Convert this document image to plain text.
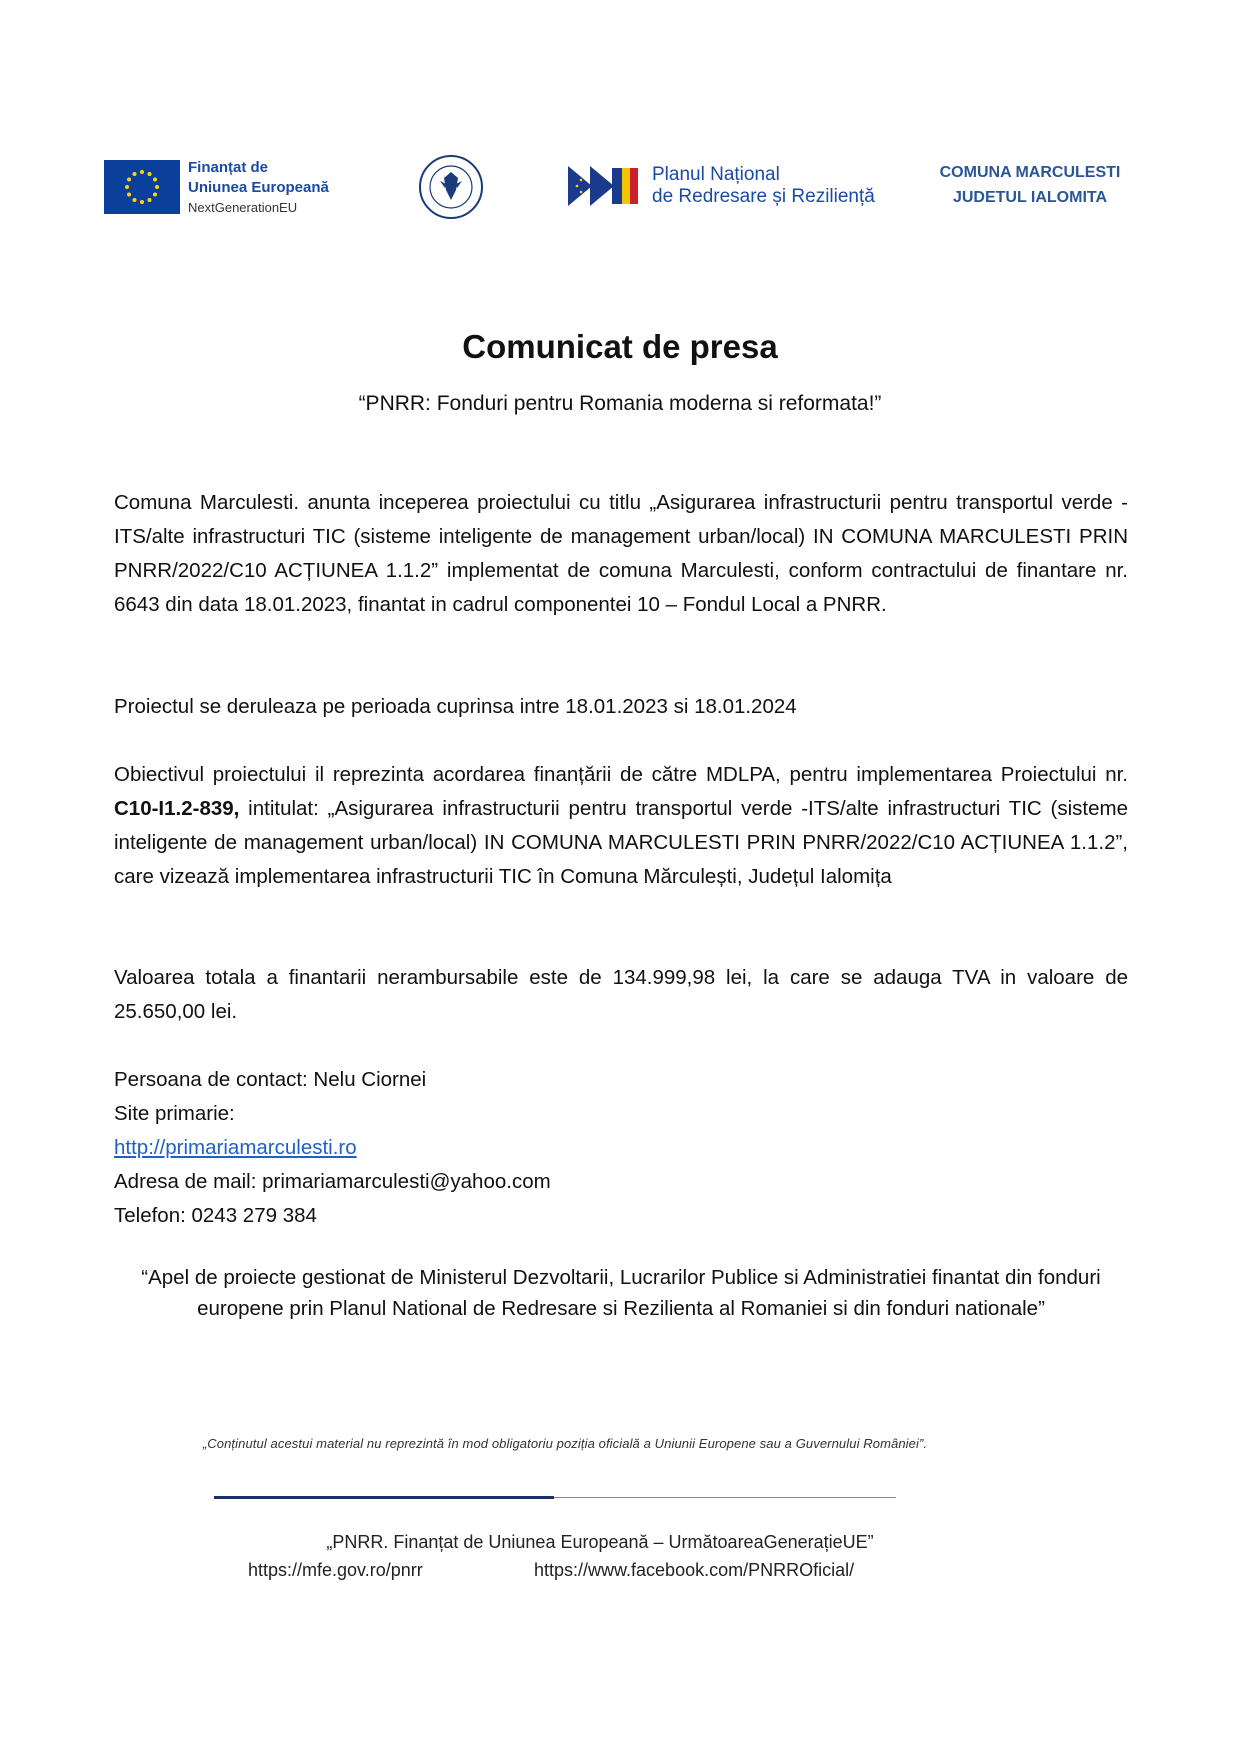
Finanțat de
Uniunea Europeană
NextGenerationEU
Planul Național
de Redresare și Reziliență
COMUNA MARCULESTI
JUDETUL IALOMITA
Comunicat de presa
“PNRR: Fonduri pentru Romania moderna si reformata!”
Comuna Marculesti. anunta inceperea proiectului cu titlu „Asigurarea infrastructurii pentru transportul verde -ITS/alte infrastructuri TIC (sisteme inteligente de management urban/local) IN COMUNA MARCULESTI PRIN PNRR/2022/C10 ACȚIUNEA 1.1.2” implementat de comuna Marculesti, conform contractului de finantare nr. 6643 din data 18.01.2023, finantat in cadrul componentei 10 – Fondul Local a PNRR.
Proiectul se deruleaza pe perioada cuprinsa intre 18.01.2023 si 18.01.2024
Obiectivul proiectului il reprezinta acordarea finanțării de către MDLPA, pentru implementarea Proiectului nr. C10-I1.2-839, intitulat: „Asigurarea infrastructurii pentru transportul verde -ITS/alte infrastructuri TIC (sisteme inteligente de management urban/local) IN COMUNA MARCULESTI PRIN PNRR/2022/C10 ACȚIUNEA 1.1.2”, care vizează implementarea infrastructurii TIC în Comuna Mărculești, Județul Ialomița
Valoarea totala a finantarii nerambursabile este de 134.999,98 lei, la care se adauga TVA in valoare de 25.650,00 lei.
Persoana de contact: Nelu Ciornei
Site primarie:
http://primariamarculesti.ro
Adresa de mail: primariamarculesti@yahoo.com
Telefon: 0243 279 384
“Apel de proiecte gestionat de Ministerul Dezvoltarii, Lucrarilor Publice si Administratiei finantat din fonduri europene prin Planul National de Redresare si Rezilienta al Romaniei si din fonduri nationale”
„Conținutul acestui material nu reprezintă în mod obligatoriu poziția oficială a Uniunii Europene sau a Guvernului României”.
„PNRR. Finanțat de Uniunea Europeană – UrmătoareaGenerațieUE”
https://mfe.gov.ro/pnrr	https://www.facebook.com/PNRROficial/
